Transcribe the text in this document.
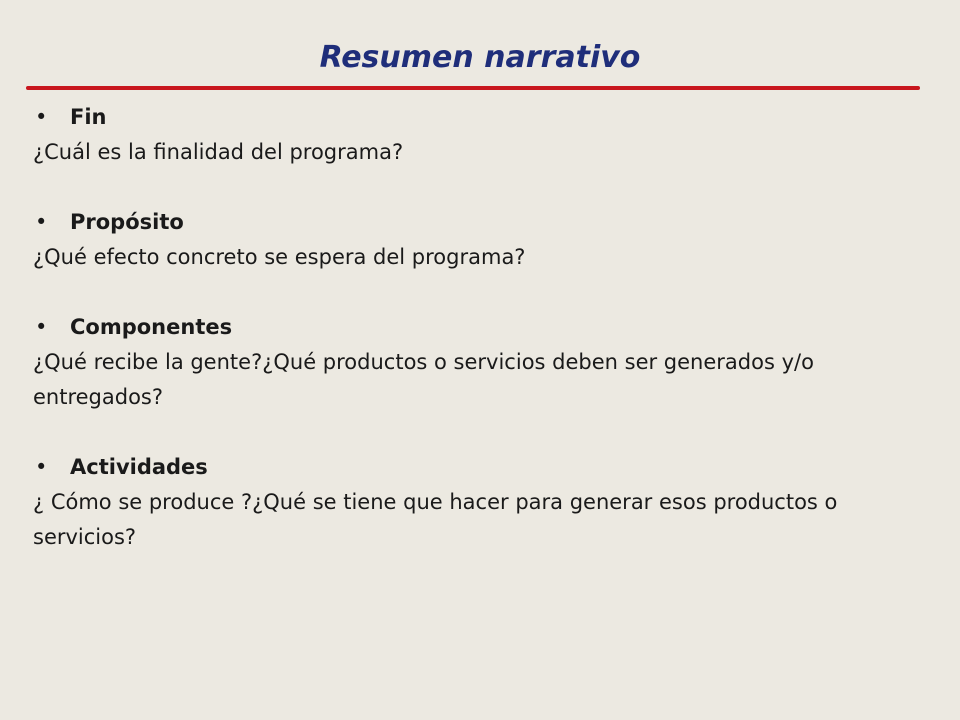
Resumen narrativo
• Fin
¿Cuál es la finalidad del programa?
• Propósito
¿Qué efecto concreto se espera del programa?
• Componentes
¿Qué recibe la gente?¿Qué productos o servicios deben ser generados y/o entregados?
• Actividades
¿ Cómo se produce ?¿Qué se tiene que hacer para generar esos productos o servicios?
